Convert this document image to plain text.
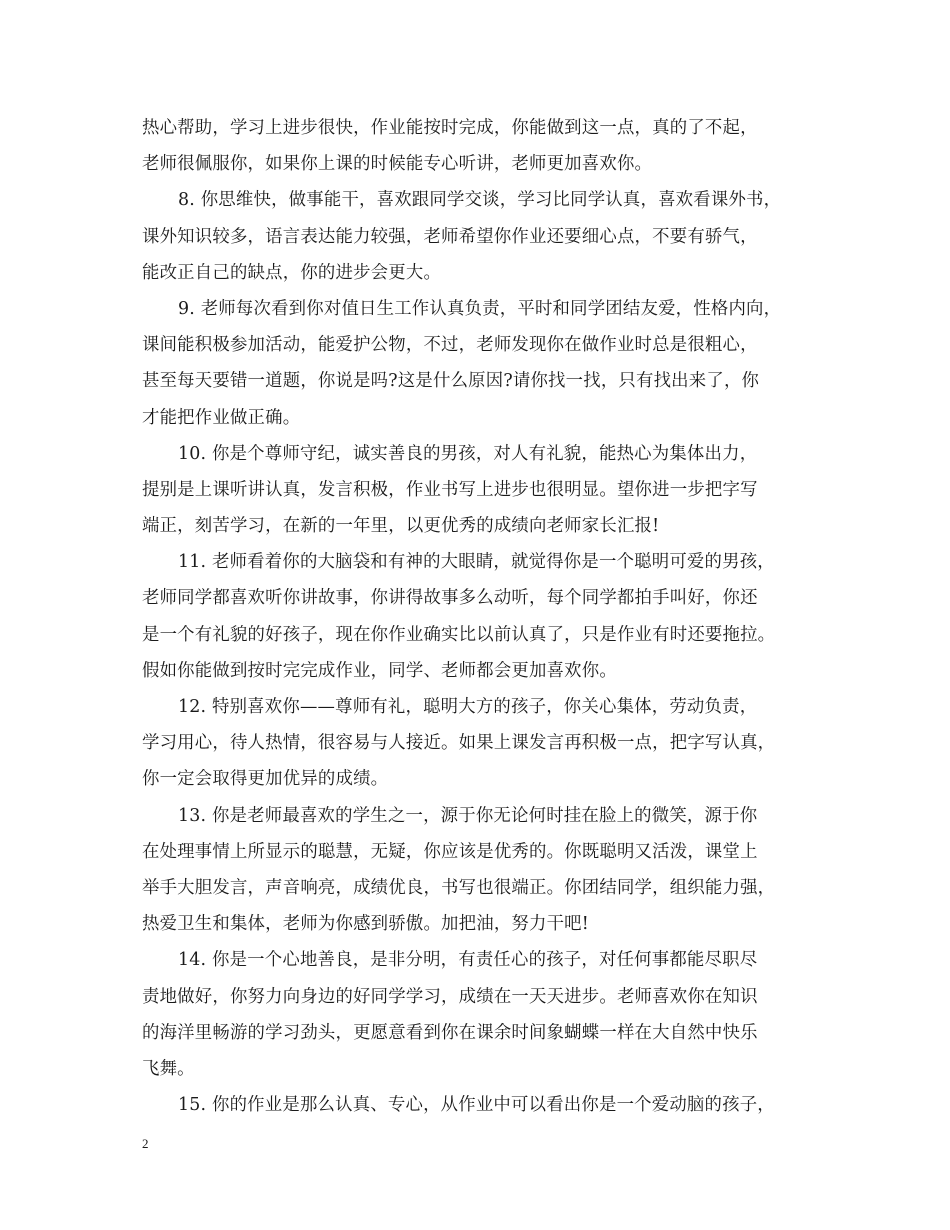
热心帮助，学习上进步很快，作业能按时完成，你能做到这一点，真的了不起，
老师很佩服你，如果你上课的时候能专心听讲，老师更加喜欢你。
8. 你思维快，做事能干，喜欢跟同学交谈，学习比同学认真，喜欢看课外书，
课外知识较多，语言表达能力较强，老师希望你作业还要细心点，不要有骄气，
能改正自己的缺点，你的进步会更大。
9. 老师每次看到你对值日生工作认真负责，平时和同学团结友爱，性格内向，
课间能积极参加活动，能爱护公物，不过，老师发现你在做作业时总是很粗心，
甚至每天要错一道题，你说是吗?这是什么原因?请你找一找，只有找出来了，你
才能把作业做正确。
10. 你是个尊师守纪，诚实善良的男孩，对人有礼貌，能热心为集体出力，
提别是上课听讲认真，发言积极，作业书写上进步也很明显。望你进一步把字写
端正，刻苦学习，在新的一年里，以更优秀的成绩向老师家长汇报!
11. 老师看着你的大脑袋和有神的大眼睛，就觉得你是一个聪明可爱的男孩，
老师同学都喜欢听你讲故事，你讲得故事多么动听，每个同学都拍手叫好，你还
是一个有礼貌的好孩子，现在你作业确实比以前认真了，只是作业有时还要拖拉。
假如你能做到按时完完成作业，同学、老师都会更加喜欢你。
12. 特别喜欢你——尊师有礼，聪明大方的孩子，你关心集体，劳动负责，
学习用心，待人热情，很容易与人接近。如果上课发言再积极一点，把字写认真，
你一定会取得更加优异的成绩。
13. 你是老师最喜欢的学生之一，源于你无论何时挂在脸上的微笑，源于你
在处理事情上所显示的聪慧，无疑，你应该是优秀的。你既聪明又活泼，课堂上
举手大胆发言，声音响亮，成绩优良，书写也很端正。你团结同学，组织能力强，
热爱卫生和集体，老师为你感到骄傲。加把油，努力干吧!
14. 你是一个心地善良，是非分明，有责任心的孩子，对任何事都能尽职尽
责地做好，你努力向身边的好同学学习，成绩在一天天进步。老师喜欢你在知识
的海洋里畅游的学习劲头，更愿意看到你在课余时间象蝴蝶一样在大自然中快乐
飞舞。
15. 你的作业是那么认真、专心，从作业中可以看出你是一个爱动脑的孩子，
2
